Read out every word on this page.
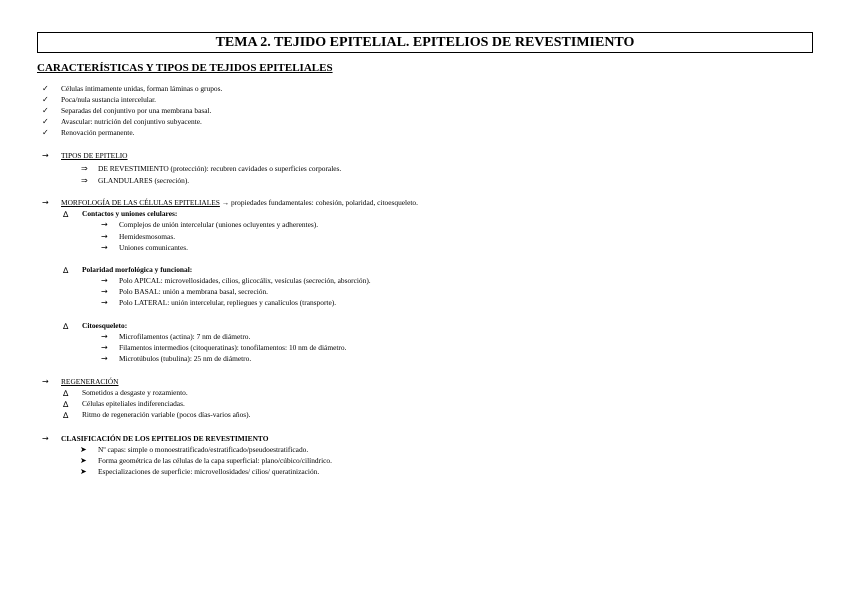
TEMA 2. TEJIDO EPITELIAL. EPITELIOS DE REVESTIMIENTO
CARACTERÍSTICAS Y TIPOS DE TEJIDOS EPITELIALES
✓ Células íntimamente unidas, forman láminas o grupos.
✓ Poca/nula sustancia intercelular.
✓ Separadas del conjuntivo por una membrana basal.
✓ Avascular: nutrición del conjuntivo subyacente.
✓ Renovación permanente.
→ TIPOS DE EPITELIO
⇒ DE REVESTIMIENTO (protección): recubren cavidades o superficies corporales.
⇒ GLANDULARES (secreción).
→ MORFOLOGÍA DE LAS CÉLULAS EPITELIALES → propiedades fundamentales: cohesión, polaridad, citoesqueleto.
∆ Contactos y uniones celulares:
→ Complejos de unión intercelular (uniones ocluyentes y adherentes).
→ Hemidesmosomas.
→ Uniones comunicantes.
∆ Polaridad morfológica y funcional:
→ Polo APICAL: microvellosidades, cilios, glicocálix, vesículas (secreción, absorción).
→ Polo BASAL: unión a membrana basal, secreción.
→ Polo LATERAL: unión intercelular, repliegues y canalículos (transporte).
∆ Citoesqueleto:
→ Microfilamentos (actina): 7 nm de diámetro.
→ Filamentos intermedios (citoqueratinas): tonofilamentos: 10 nm de diámetro.
→ Microtúbulos (tubulina): 25 nm de diámetro.
→ REGENERACIÓN
∆ Sometidos a desgaste y rozamiento.
∆ Células epiteliales indiferenciadas.
∆ Ritmo de regeneración variable (pocos días-varios años).
→ CLASIFICACIÓN DE LOS EPITELIOS DE REVESTIMIENTO
➤ Nº capas: simple o monoestratificado/estratificado/pseudoestratificado.
➤ Forma geométrica de las células de la capa superficial: plano/cúbico/cilíndrico.
➤ Especializaciones de superficie: microvellosidades/ cilios/ queratinización.
